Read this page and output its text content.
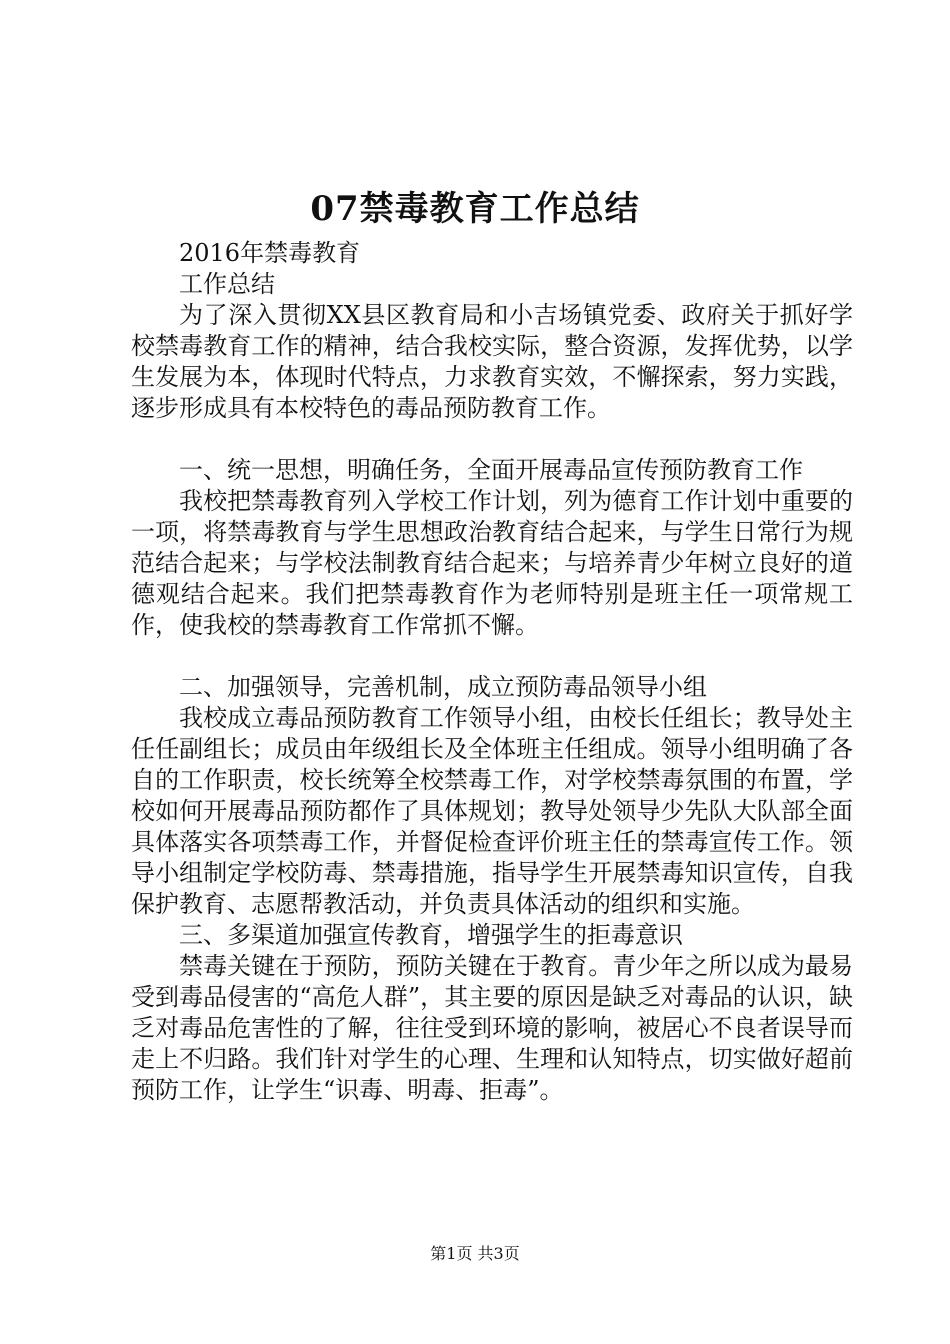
07禁毒教育工作总结

2016年禁毒教育

工作总结

为了深入贯彻XX县区教育局和小吉场镇党委、政府关于抓好学校禁毒教育工作的精神，结合我校实际，整合资源，发挥优势，以学生发展为本，体现时代特点，力求教育实效，不懈探索，努力实践，逐步形成具有本校特色的毒品预防教育工作。

一、统一思想，明确任务，全面开展毒品宣传预防教育工作

我校把禁毒教育列入学校工作计划，列为德育工作计划中重要的一项，将禁毒教育与学生思想政治教育结合起来，与学生日常行为规范结合起来；与学校法制教育结合起来；与培养青少年树立良好的道德观结合起来。我们把禁毒教育作为老师特别是班主任一项常规工作，使我校的禁毒教育工作常抓不懈。

二、加强领导，完善机制，成立预防毒品领导小组

我校成立毒品预防教育工作领导小组，由校长任组长；教导处主任任副组长；成员由年级组长及全体班主任组成。领导小组明确了各自的工作职责，校长统筹全校禁毒工作，对学校禁毒氛围的布置，学校如何开展毒品预防都作了具体规划；教导处领导少先队大队部全面具体落实各项禁毒工作，并督促检查评价班主任的禁毒宣传工作。领导小组制定学校防毒、禁毒措施，指导学生开展禁毒知识宣传，自我保护教育、志愿帮教活动，并负责具体活动的组织和实施。

三、多渠道加强宣传教育，增强学生的拒毒意识

禁毒关键在于预防，预防关键在于教育。青少年之所以成为最易受到毒品侵害的“高危人群”，其主要的原因是缺乏对毒品的认识，缺乏对毒品危害性的了解，往往受到环境的影响，被居心不良者误导而走上不归路。我们针对学生的心理、生理和认知特点，切实做好超前预防工作，让学生“识毒、明毒、拒毒”。

第1页 共3页
